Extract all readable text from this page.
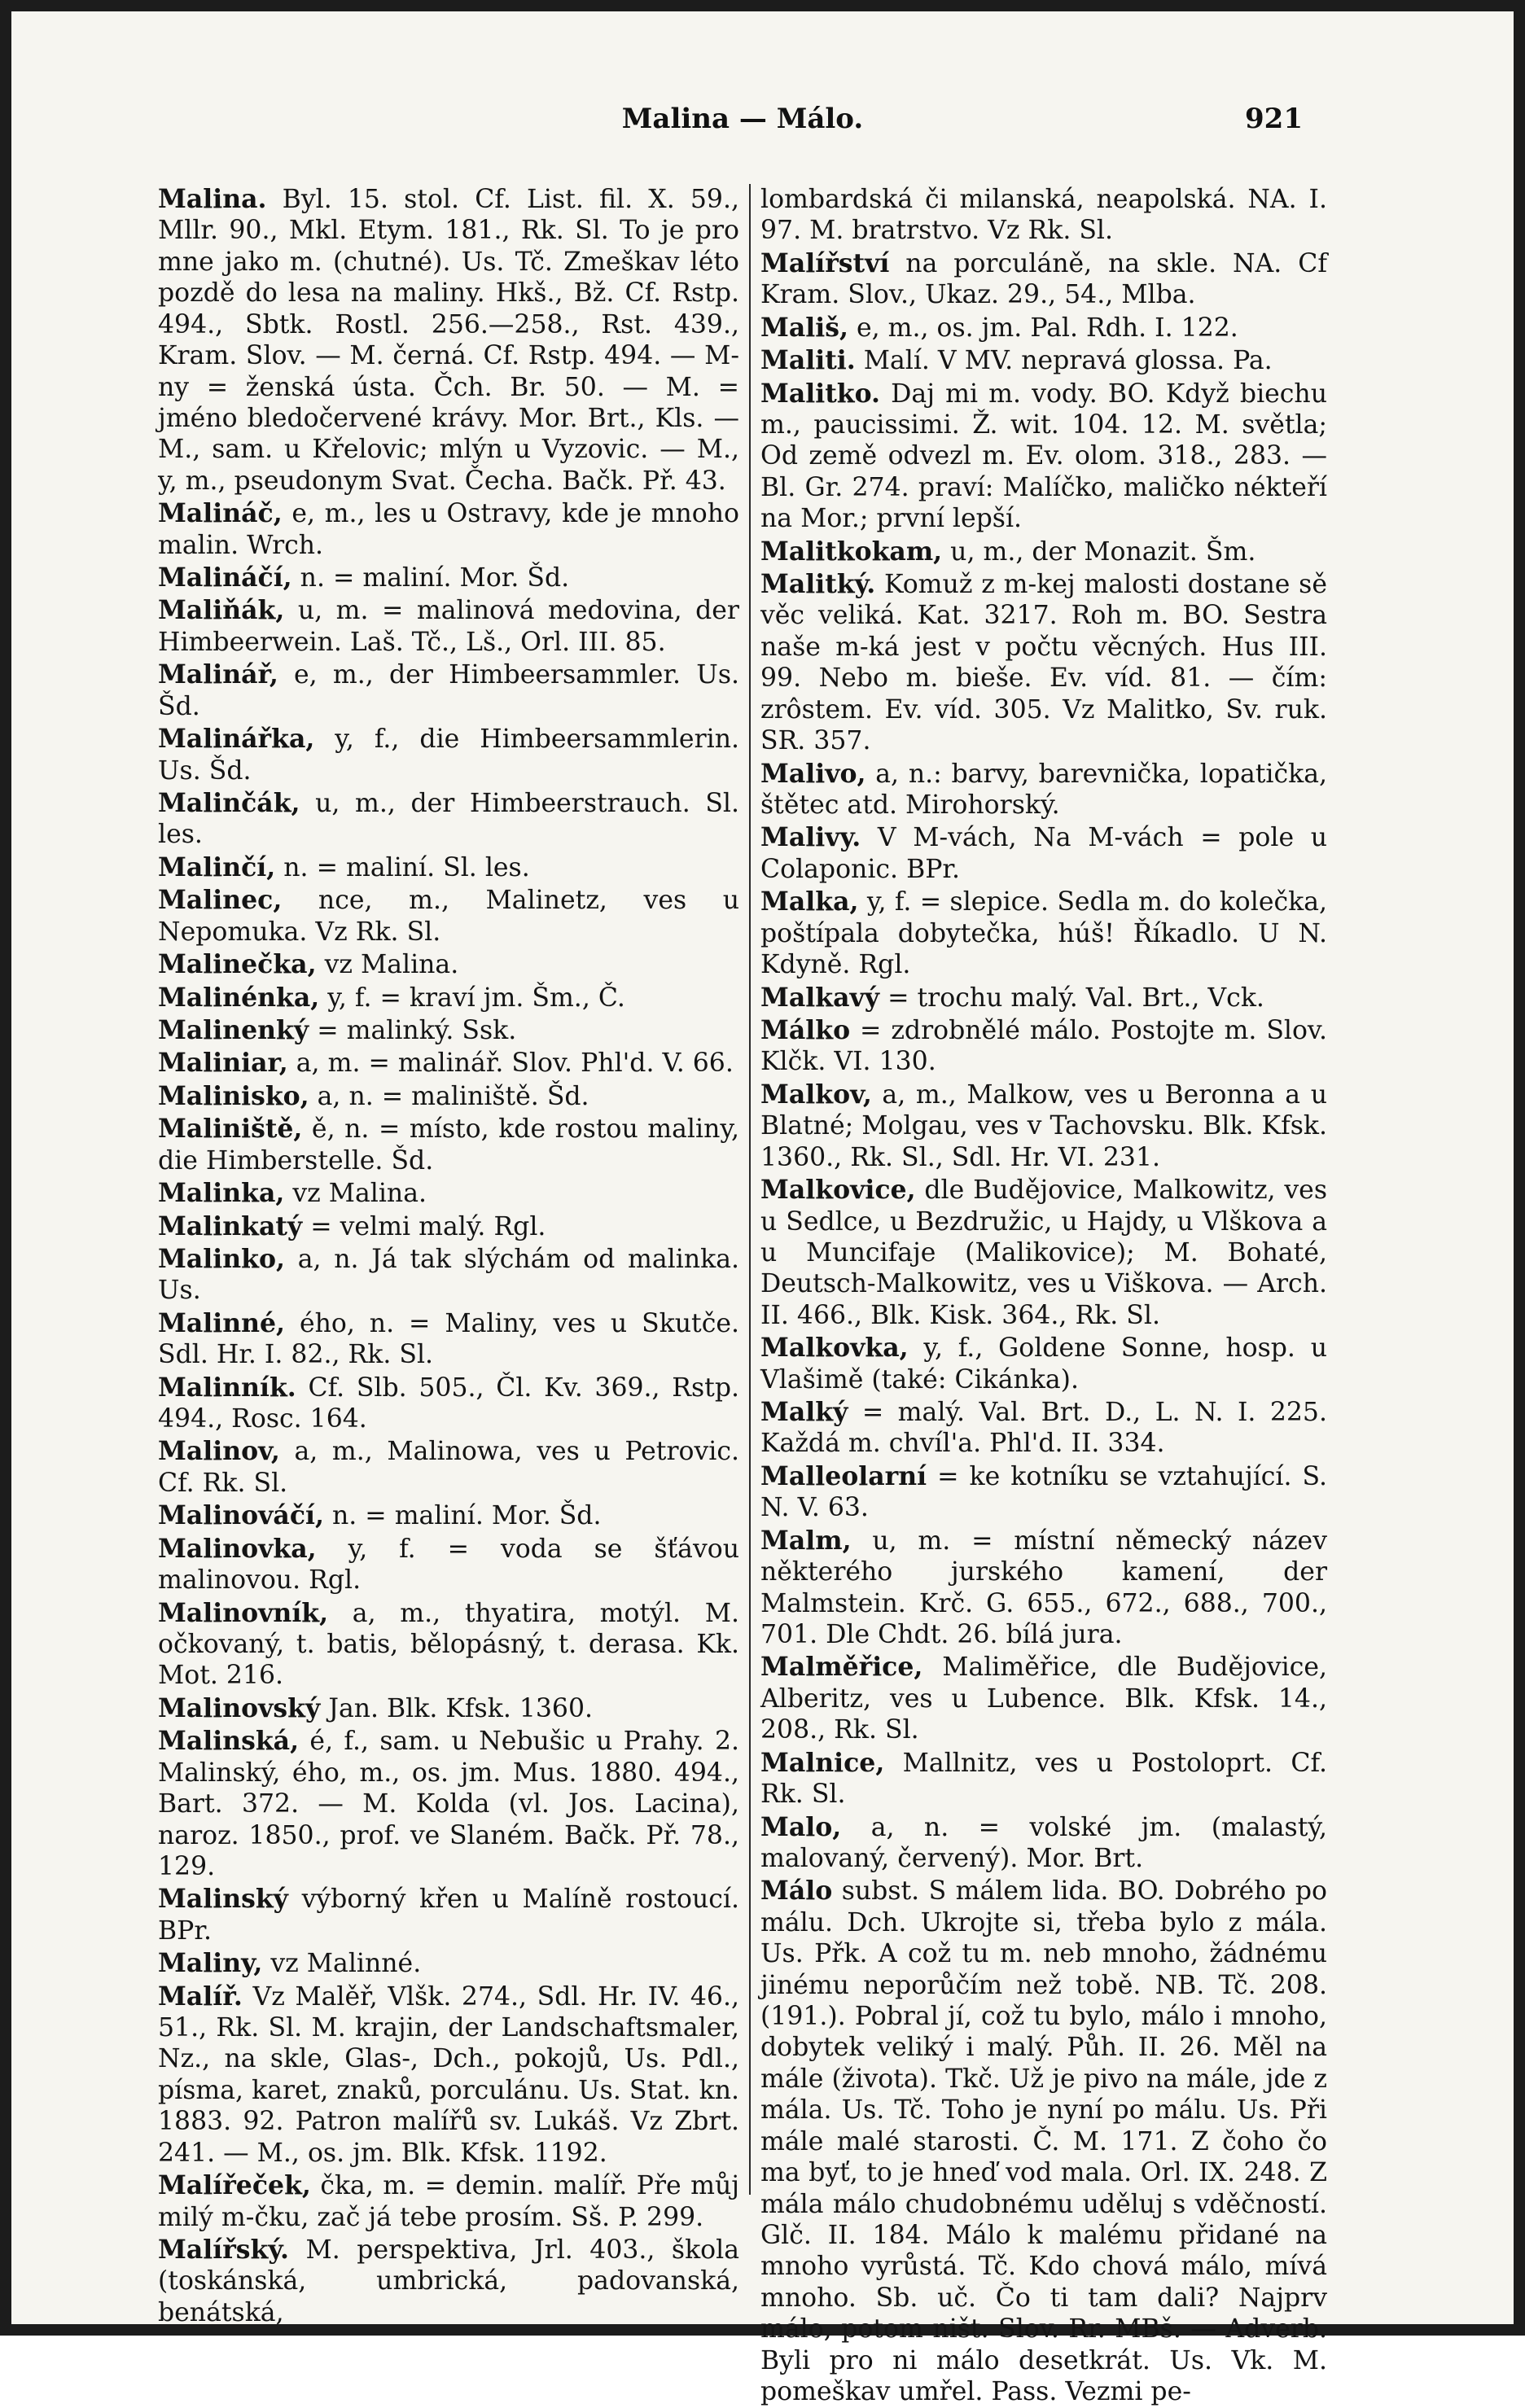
Malina — Málo.	921

Malina. Byl. 15. stol. Cf. List. fil. X. 59., Mllr. 90., Mkl. Etym. 181., Rk. Sl. To je pro mne jako m. (chutné). Us. Tč. Zmeškav léto pozdě do lesa na maliny. Hkš., Bž. Cf. Rstp. 494., Sbtk. Rostl. 256.—258., Rst. 439., Kram. Slov. — M. černá. Cf. Rstp. 494. — M-ny = ženská ústa. Čch. Br. 50. — M. = jméno bledočervené krávy. Mor. Brt., Kls. — M., sam. u Křelovic; mlýn u Vyzovic. — M., y, m., pseudonym Svat. Čecha. Bačk. Př. 43.

Malináč, e, m., les u Ostravy, kde je mnoho malin. Wrch.

Malináčí, n. = maliní. Mor. Šd.

Maliňák, u, m. = malinová medovina, der Himbeerwein. Laš. Tč., Lš., Orl. III. 85.

Malinář, e, m., der Himbeersammler. Us. Šd.

Malinářka, y, f., die Himbeersammlerin. Us. Šd.

Malinčák, u, m., der Himbeerstrauch. Sl. les.

Malinčí, n. = maliní. Sl. les.

Malinec, nce, m., Malinetz, ves u Nepomuka. Vz Rk. Sl.

Malinečka, vz Malina.

Malinénka, y, f. = kraví jm. Šm., Č.

Malinenký = malinký. Ssk.

Maliniar, a, m. = malinář. Slov. Phl'd. V. 66.

Malinisko, a, n. = maliniště. Šd.

Maliniště, ě, n. = místo, kde rostou maliny, die Himberstelle. Šd.

Malinka, vz Malina.

Malinkatý = velmi malý. Rgl.

Malinko, a, n. Já tak slýchám od malinka. Us.

Malinné, ého, n. = Maliny, ves u Skutče. Sdl. Hr. I. 82., Rk. Sl.

Malinník. Cf. Slb. 505., Čl. Kv. 369., Rstp. 494., Rosc. 164.

Malinov, a, m., Malinowa, ves u Petrovic. Cf. Rk. Sl.

Malinováčí, n. = maliní. Mor. Šd.

Malinovka, y, f. = voda se šťávou malinovou. Rgl.

Malinovník, a, m., thyatira, motýl. M. očkovaný, t. batis, bělopásný, t. derasa. Kk. Mot. 216.

Malinovský Jan. Blk. Kfsk. 1360.

Malinská, é, f., sam. u Nebušic u Prahy. 2. Malinský, ého, m., os. jm. Mus. 1880. 494., Bart. 372. — M. Kolda (vl. Jos. Lacina), naroz. 1850., prof. ve Slaném. Bačk. Př. 78., 129.

Malinský výborný křen u Malíně rostoucí. BPr.

Maliny, vz Malinné.

Malíř. Vz Malěř, Vlšk. 274., Sdl. Hr. IV. 46., 51., Rk. Sl. M. krajin, der Landschaftsmaler, Nz., na skle, Glas-, Dch., pokojů, Us. Pdl., písma, karet, znaků, porculánu. Us. Stat. kn. 1883. 92. Patron malířů sv. Lukáš. Vz Zbrt. 241. — M., os. jm. Blk. Kfsk. 1192.

Malířeček, čka, m. = demin. malíř. Pře můj milý m-čku, zač já tebe prosím. Sš. P. 299.

Malířský. M. perspektiva, Jrl. 403., škola (toskánská, umbrická, padovanská, benátská,

lombardská či milanská, neapolská. NA. I. 97. M. bratrstvo. Vz Rk. Sl.

Malířství na porculáně, na skle. NA. Cf Kram. Slov., Ukaz. 29., 54., Mlba.

Mališ, e, m., os. jm. Pal. Rdh. I. 122.

Maliti. Malí. V MV. nepravá glossa. Pa.

Malitko. Daj mi m. vody. BO. Když biechu m., paucissimi. Ž. wit. 104. 12. M. světla; Od země odvezl m. Ev. olom. 318., 283. — Bl. Gr. 274. praví: Malíčko, maličko nékteří na Mor.; první lepší.

Malitkokam, u, m., der Monazit. Šm.

Malitký. Komuž z m-kej malosti dostane sě věc veliká. Kat. 3217. Roh m. BO. Sestra naše m-ká jest v počtu věcných. Hus III. 99. Nebo m. bieše. Ev. víd. 81. — čím: zrôstem. Ev. víd. 305. Vz Malitko, Sv. ruk. SR. 357.

Malivo, a, n.: barvy, barevnička, lopatička, štětec atd. Mirohorský.

Malivy. V M-vách, Na M-vách = pole u Colaponic. BPr.

Malka, y, f. = slepice. Sedla m. do kolečka, poštípala dobytečka, húš! Říkadlo. U N. Kdyně. Rgl.

Malkavý = trochu malý. Val. Brt., Vck.

Málko = zdrobnělé málo. Postojte m. Slov. Klčk. VI. 130.

Malkov, a, m., Malkow, ves u Beronna a u Blatné; Molgau, ves v Tachovsku. Blk. Kfsk. 1360., Rk. Sl., Sdl. Hr. VI. 231.

Malkovice, dle Budějovice, Malkowitz, ves u Sedlce, u Bezdružic, u Hajdy, u Vlškova a u Muncifaje (Malikovice); M. Bohaté, Deutsch-Malkowitz, ves u Viškova. — Arch. II. 466., Blk. Kisk. 364., Rk. Sl.

Malkovka, y, f., Goldene Sonne, hosp. u Vlašimě (také: Cikánka).

Malký = malý. Val. Brt. D., L. N. I. 225. Každá m. chvíl'a. Phl'd. II. 334.

Malleolarní = ke kotníku se vztahující. S. N. V. 63.

Malm, u, m. = místní německý název některého jurského kamení, der Malmstein. Krč. G. 655., 672., 688., 700., 701. Dle Chdt. 26. bílá jura.

Malměřice, Maliměřice, dle Budějovice, Alberitz, ves u Lubence. Blk. Kfsk. 14., 208., Rk. Sl.

Malnice, Mallnitz, ves u Postoloprt. Cf. Rk. Sl.

Malo, a, n. = volské jm. (malastý, malovaný, červený). Mor. Brt.

Málo subst. S málem lida. BO. Dobrého po málu. Dch. Ukrojte si, třeba bylo z mála. Us. Přk. A což tu m. neb mnoho, žádnému jinému neporůčím než tobě. NB. Tč. 208. (191.). Pobral jí, což tu bylo, málo i mnoho, dobytek veliký i malý. Půh. II. 26. Měl na mále (života). Tkč. Už je pivo na mále, jde z mála. Us. Tč. Toho je nyní po málu. Us. Při mále malé starosti. Č. M. 171. Z čoho čo ma byť, to je hneď vod mala. Orl. IX. 248. Z mála málo chudobnému uděluj s vděčností. Glč. II. 184. Málo k malému přidané na mnoho vyrůstá. Tč. Kdo chová málo, mívá mnoho. Sb. uč. Čo ti tam dali? Najprv málo, potom ništ. Slov. Rr. MBš. — Adverb. Byli pro ni málo desetkrát. Us. Vk. M. pomeškav umřel. Pass. Vezmi pe-
